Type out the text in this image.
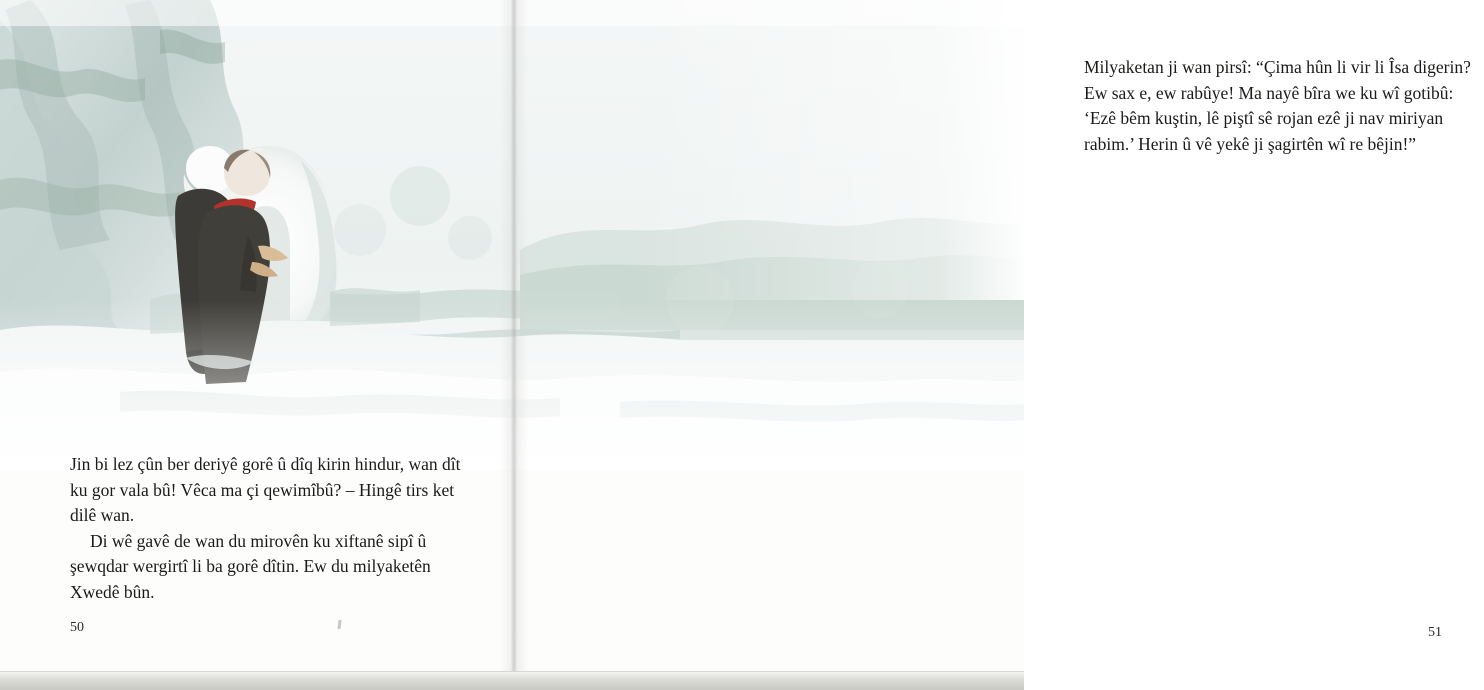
Jin bi lez çûn ber deriyê gorê û dîq kirin hindur, wan dît ku gor vala bû! Vêca ma çi qewimîbû? – Hingê tirs ket dilê wan.

Di wê gavê de wan du mirovên ku xiftanê sipî û şewqdar wergirtî li ba gorê dîtin. Ew du milyaketên Xwedê bûn.

50

Milyaketan ji wan pirsî: “Çima hûn li vir li Îsa digerin? Ew sax e, ew rabûye! Ma nayê bîra we ku wî gotibû: ‘Ezê bêm kuştin, lê piştî sê rojan ezê ji nav miriyan rabim.’ Herin û vê yekê ji şagirtên wî re bêjin!”

51
